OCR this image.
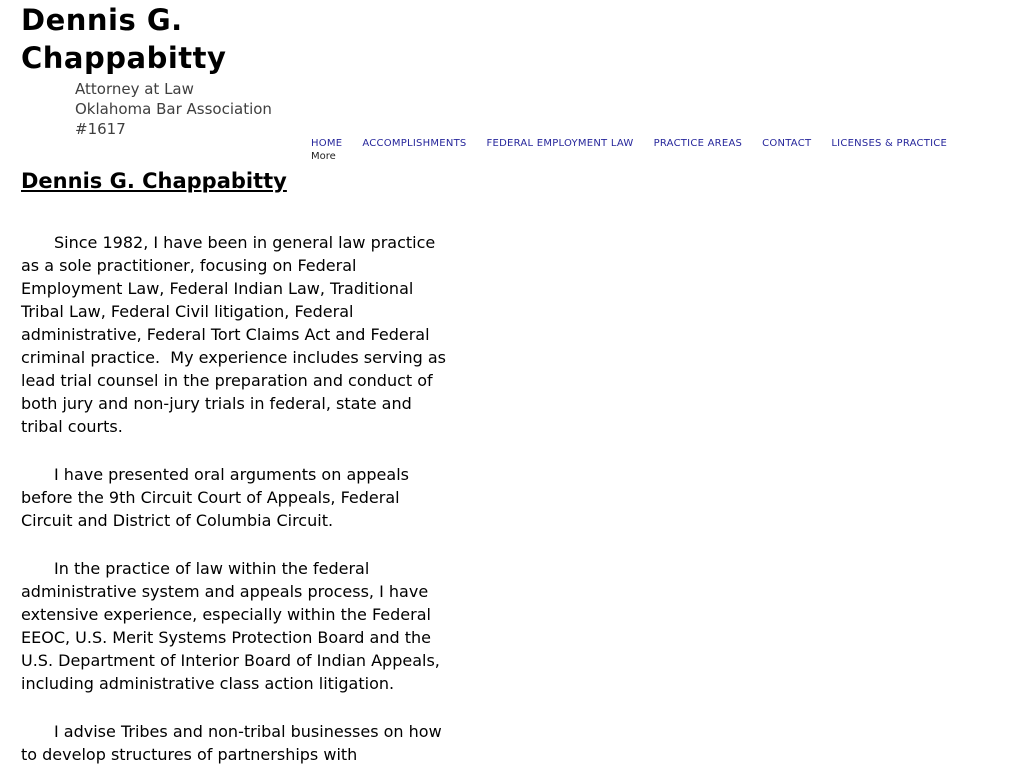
Dennis G. Chappabitty
Attorney at Law
Oklahoma Bar Association
#1617
HOME ACCOMPLISHMENTS FEDERAL EMPLOYMENT LAW PRACTICE AREAS CONTACT LICENSES & PRACTICE
More
Dennis G. Chappabitty

Since 1982, I have been in general law practice as a sole practitioner, focusing on Federal Employment Law, Federal Indian Law, Traditional Tribal Law, Federal Civil litigation, Federal administrative, Federal Tort Claims Act and Federal criminal practice.  My experience includes serving as lead trial counsel in the preparation and conduct of both jury and non-jury trials in federal, state and tribal courts.

I have presented oral arguments on appeals before the 9th Circuit Court of Appeals, Federal Circuit and District of Columbia Circuit.

In the practice of law within the federal administrative system and appeals process, I have extensive experience, especially within the Federal EEOC, U.S. Merit Systems Protection Board and the U.S. Department of Interior Board of Indian Appeals, including administrative class action litigation.

I advise Tribes and non-tribal businesses on how to develop structures of partnerships with
